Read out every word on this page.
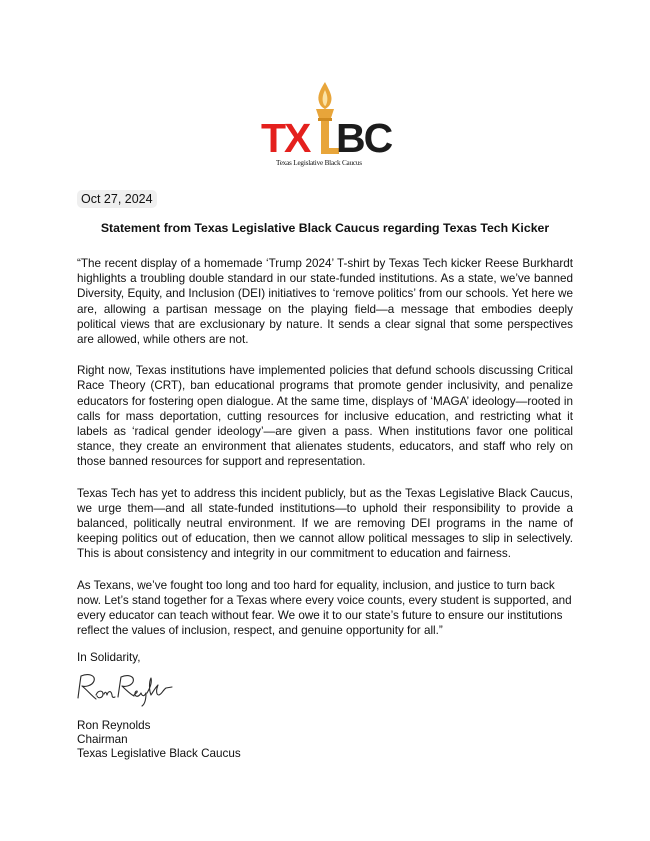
TX BC
Texas Legislative Black Caucus
Oct 27, 2024
Statement from Texas Legislative Black Caucus regarding Texas Tech Kicker

“The recent display of a homemade ‘Trump 2024’ T-shirt by Texas Tech kicker Reese Burkhardt highlights a troubling double standard in our state-funded institutions. As a state, we’ve banned Diversity, Equity, and Inclusion (DEI) initiatives to ‘remove politics’ from our schools. Yet here we are, allowing a partisan message on the playing field—a message that embodies deeply political views that are exclusionary by nature. It sends a clear signal that some perspectives are allowed, while others are not.

Right now, Texas institutions have implemented policies that defund schools discussing Critical Race Theory (CRT), ban educational programs that promote gender inclusivity, and penalize educators for fostering open dialogue. At the same time, displays of ‘MAGA’ ideology—rooted in calls for mass deportation, cutting resources for inclusive education, and restricting what it labels as ‘radical gender ideology’—are given a pass. When institutions favor one political stance, they create an environment that alienates students, educators, and staff who rely on those banned resources for support and representation.

Texas Tech has yet to address this incident publicly, but as the Texas Legislative Black Caucus, we urge them—and all state-funded institutions—to uphold their responsibility to provide a balanced, politically neutral environment. If we are removing DEI programs in the name of keeping politics out of education, then we cannot allow political messages to slip in selectively. This is about consistency and integrity in our commitment to education and fairness.

As Texans, we’ve fought too long and too hard for equality, inclusion, and justice to turn back now. Let’s stand together for a Texas where every voice counts, every student is supported, and every educator can teach without fear. We owe it to our state’s future to ensure our institutions reflect the values of inclusion, respect, and genuine opportunity for all.”

In Solidarity,
Ron Reynolds
Chairman
Texas Legislative Black Caucus
